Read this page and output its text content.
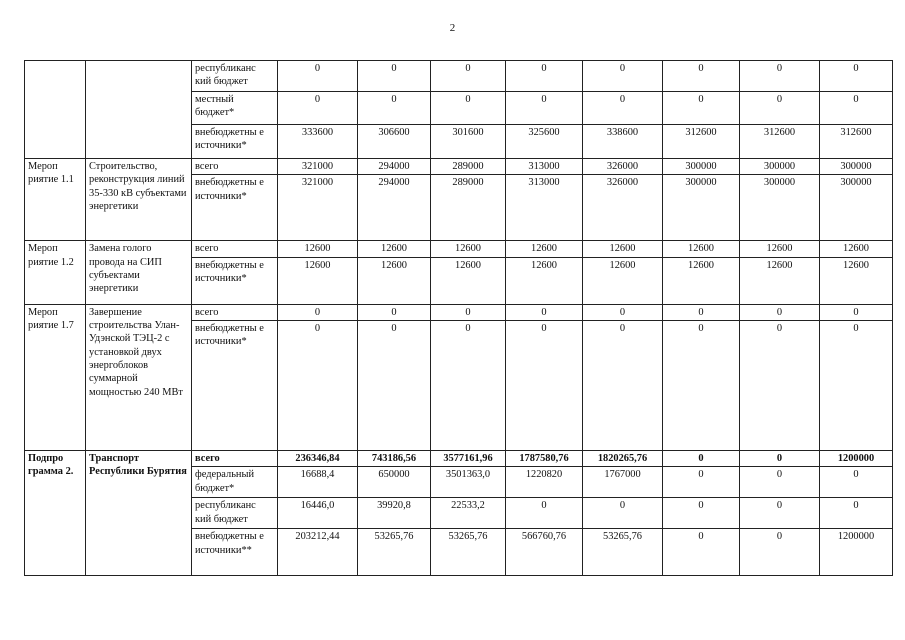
2
		республиканс кий бюджет	0	0	0	0	0	0	0	0
		местный бюджет*	0	0	0	0	0	0	0	0
		внебюджетны е источники*	333600	306600	301600	325600	338600	312600	312600	312600
Мероп риятие 1.1	Строительство, реконструкция линий 35-330 кВ субъектами энергетики	всего	321000	294000	289000	313000	326000	300000	300000	300000
		внебюджетны е источники*	321000	294000	289000	313000	326000	300000	300000	300000
Мероп риятие 1.2	Замена голого провода на СИП субъектами энергетики	всего	12600	12600	12600	12600	12600	12600	12600	12600
		внебюджетны е источники*	12600	12600	12600	12600	12600	12600	12600	12600
Мероп риятие 1.7	Завершение строительства Улан-Удэнской ТЭЦ-2 с установкой двух энергоблоков суммарной мощностью 240 МВт	всего	0	0	0	0	0	0	0	0
		внебюджетны е источники*	0	0	0	0	0	0	0	0
Подпро грамма 2.	Транспорт Республики Бурятия	всего	236346,84	743186,56	3577161,96	1787580,76	1820265,76	0	0	1200000
		федеральный бюджет*	16688,4	650000	3501363,0	1220820	1767000	0	0	0
		республиканс кий бюджет	16446,0	39920,8	22533,2	0	0	0	0	0
		внебюджетны е источники**	203212,44	53265,76	53265,76	566760,76	53265,76	0	0	1200000
